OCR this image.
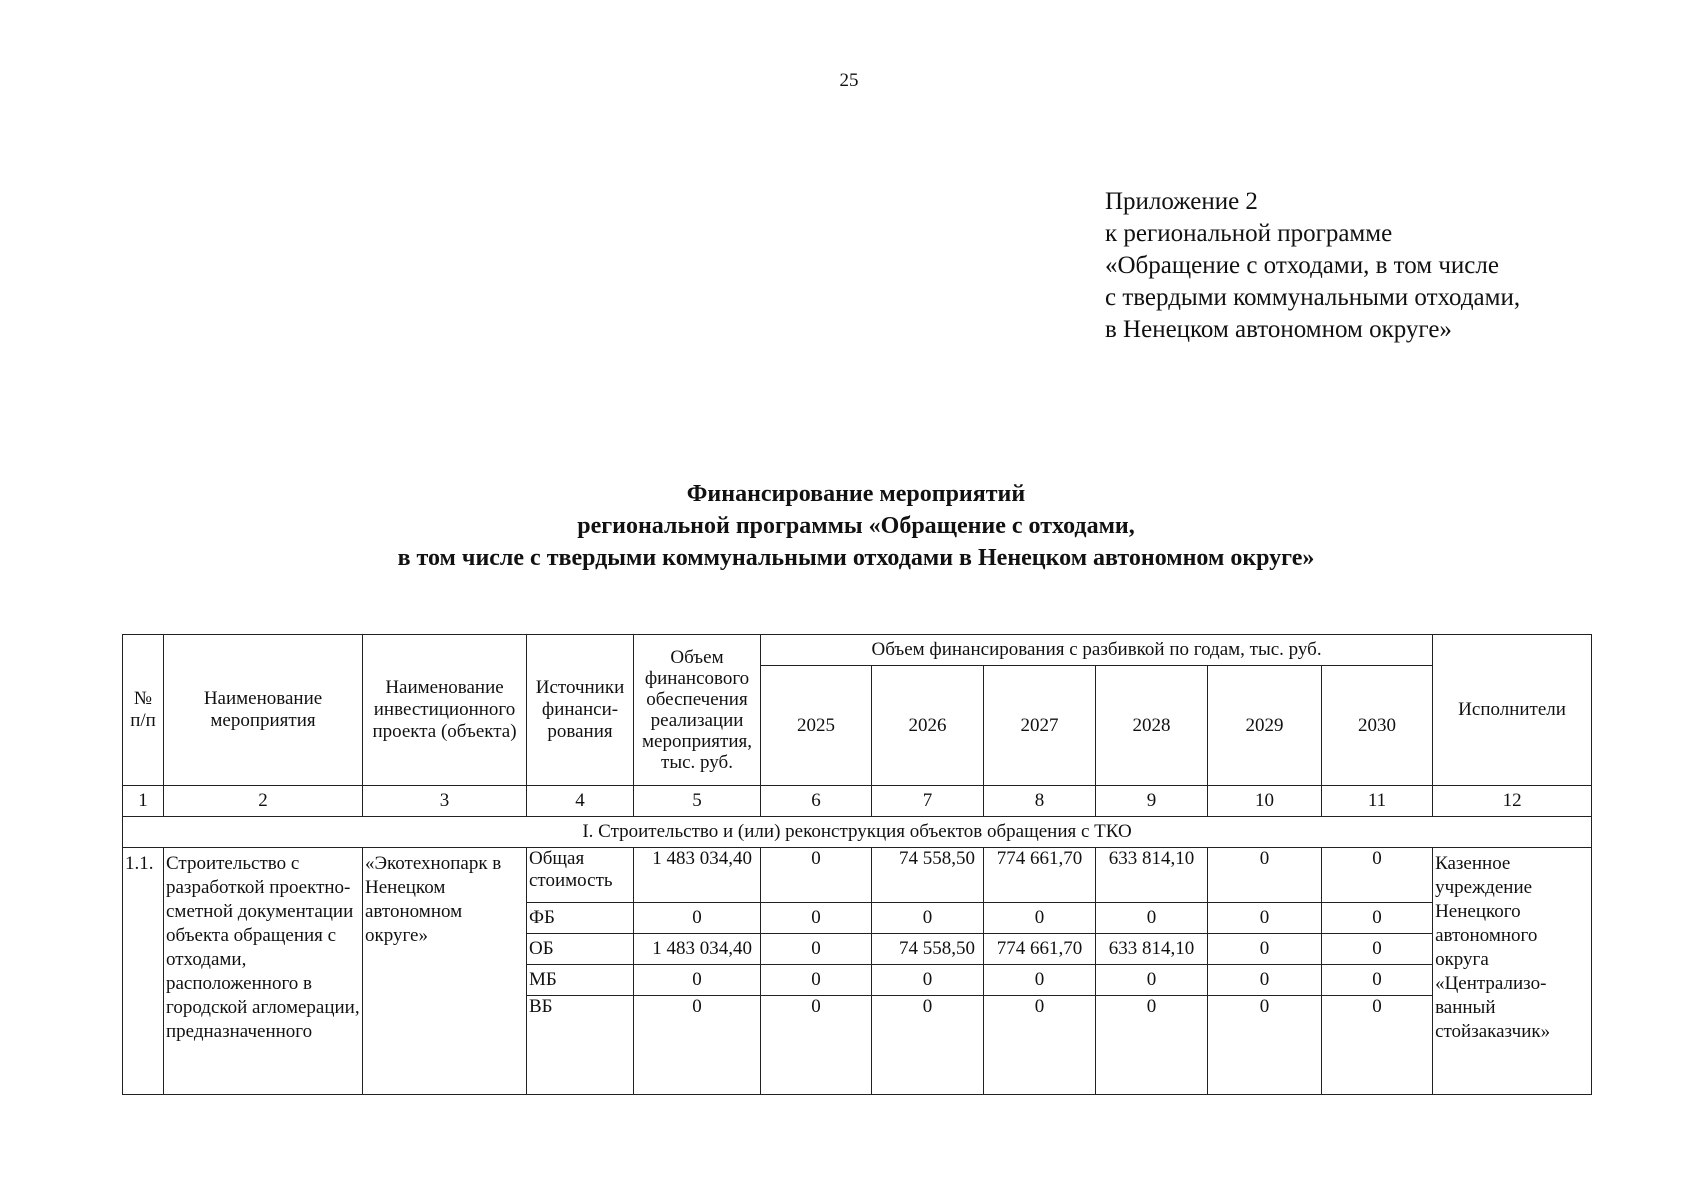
25
Приложение 2
к региональной программе
«Обращение с отходами, в том числе
с твердыми коммунальными отходами,
в Ненецком автономном округе»
Финансирование мероприятий
региональной программы «Обращение с отходами,
в том числе с твердыми коммунальными отходами в Ненецком автономном округе»
№ п/п	Наименование мероприятия	Наименование инвестиционного проекта (объекта)	Источники финанси-рования	Объем финансового обеспечения реализации мероприятия, тыс. руб.	Объем финансирования с разбивкой по годам, тыс. руб.						Исполнители
					2025	2026	2027	2028	2029	2030	
1	2	3	4	5	6	7	8	9	10	11	12
I. Строительство и (или) реконструкция объектов обращения с ТКО											
1.1.	Строительство с разработкой проектно-сметной документации объекта обращения с отходами, расположенного в городской агломерации, предназначенного	«Экотехнопарк в Ненецком автономном округе»	Общая стоимость	1 483 034,40	0	74 558,50	774 661,70	633 814,10	0	0	Казенное учреждение Ненецкого автономного округа «Централизо-ванный стойзаказчик»
			ФБ	0	0	0	0	0	0	0	
			ОБ	1 483 034,40	0	74 558,50	774 661,70	633 814,10	0	0	
			МБ	0	0	0	0	0	0	0	
			ВБ	0	0	0	0	0	0	0	
